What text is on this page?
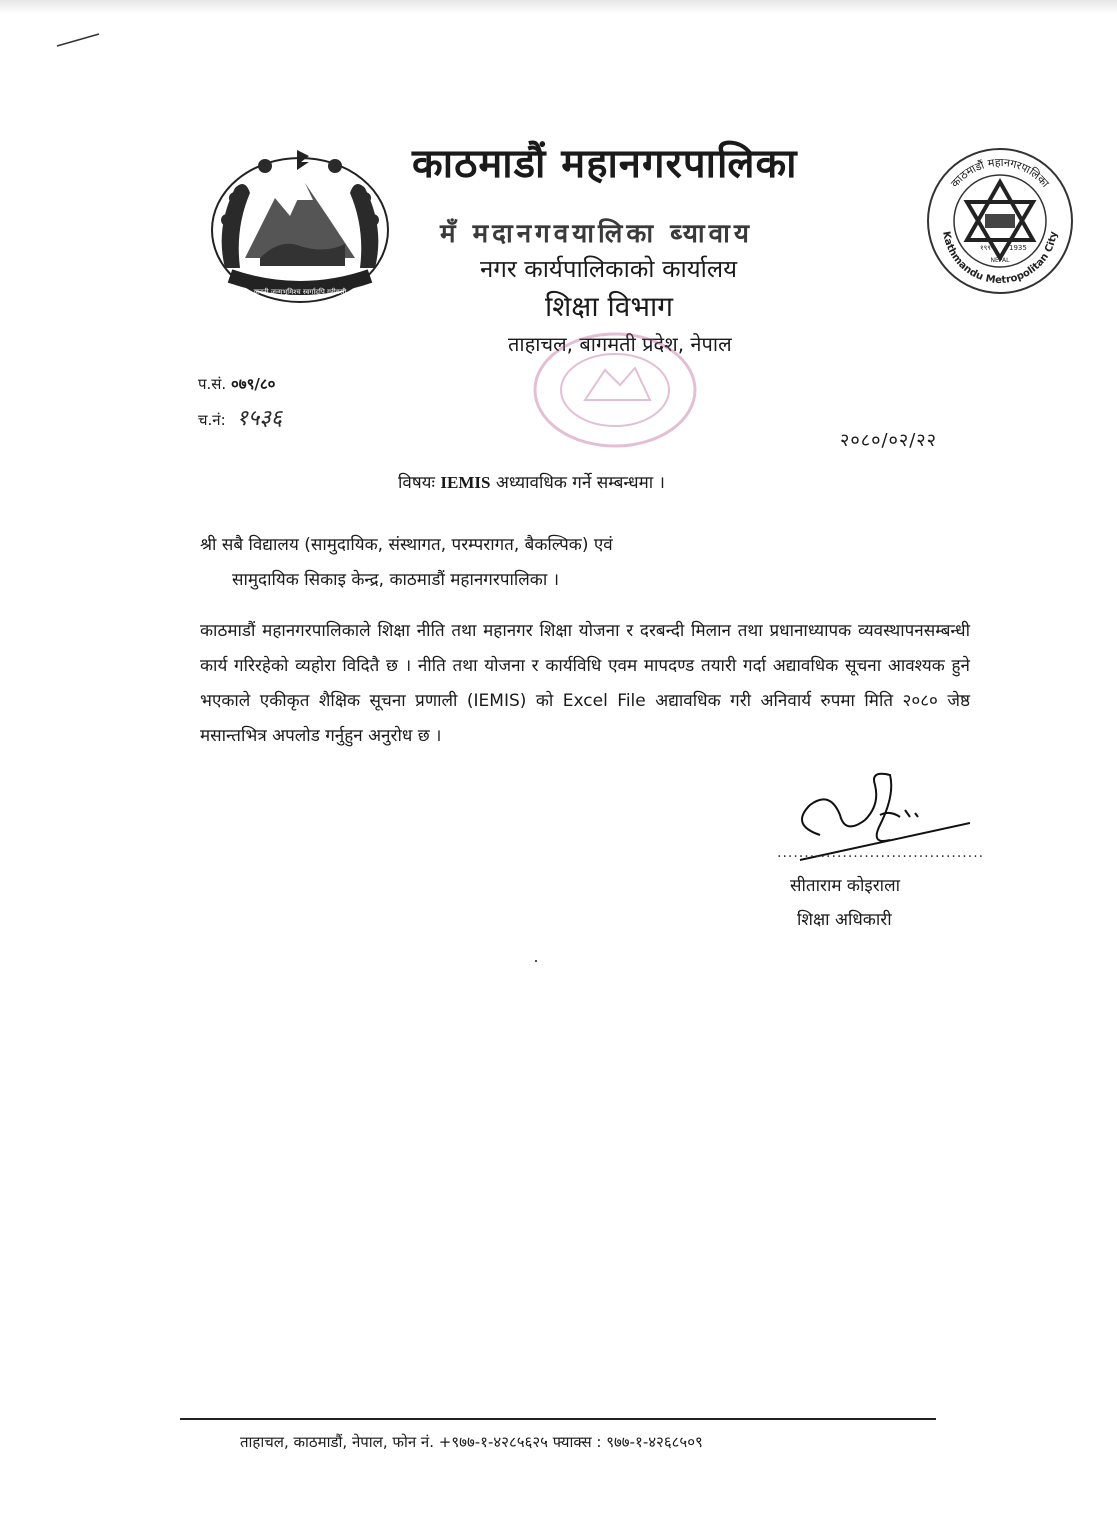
जननी जन्मभूमिश्च स्वर्गादपि गरीयसी
१९९५ 1935
NEPAL
काठमाडौं महानगरपालिका
Kathmandu Metropolitan City
काठमाडौं महानगरपालिका
मँ मदानगवयालिका ब्यावाय
नगर कार्यपालिकाको कार्यालय
शिक्षा विभाग
ताहाचल, बागमती प्रदेश, नेपाल
प.सं. ०७९/८०
च.नं: १५३६
२०८०/०२/२२
विषयः IEMIS अध्यावधिक गर्ने सम्बन्धमा ।
श्री सबै विद्यालय (सामुदायिक, संस्थागत, परम्परागत, बैकल्पिक) एवं
सामुदायिक सिकाइ केन्द्र, काठमाडौं महानगरपालिका ।
काठमाडौं महानगरपालिकाले शिक्षा नीति तथा महानगर शिक्षा योजना र दरबन्दी मिलान तथा प्रधानाध्यापक व्यवस्थापनसम्बन्धी कार्य गरिरहेको व्यहोरा विदितै छ । नीति तथा योजना र कार्यविधि एवम मापदण्ड तयारी गर्दा अद्यावधिक सूचना आवश्यक हुने भएकाले एकीकृत शैक्षिक सूचना प्रणाली (IEMIS) को Excel File अद्यावधिक गरी अनिवार्य रुपमा मिति २०८० जेष्ठ मसान्तभित्र अपलोड गर्नुहुन अनुरोध छ ।
......................................
सीताराम कोइराला
शिक्षा अधिकारी
ताहाचल, काठमाडौं, नेपाल, फोन नं. +९७७-१-४२८५६२५ फ्याक्स : ९७७-१-४२६८५०९
